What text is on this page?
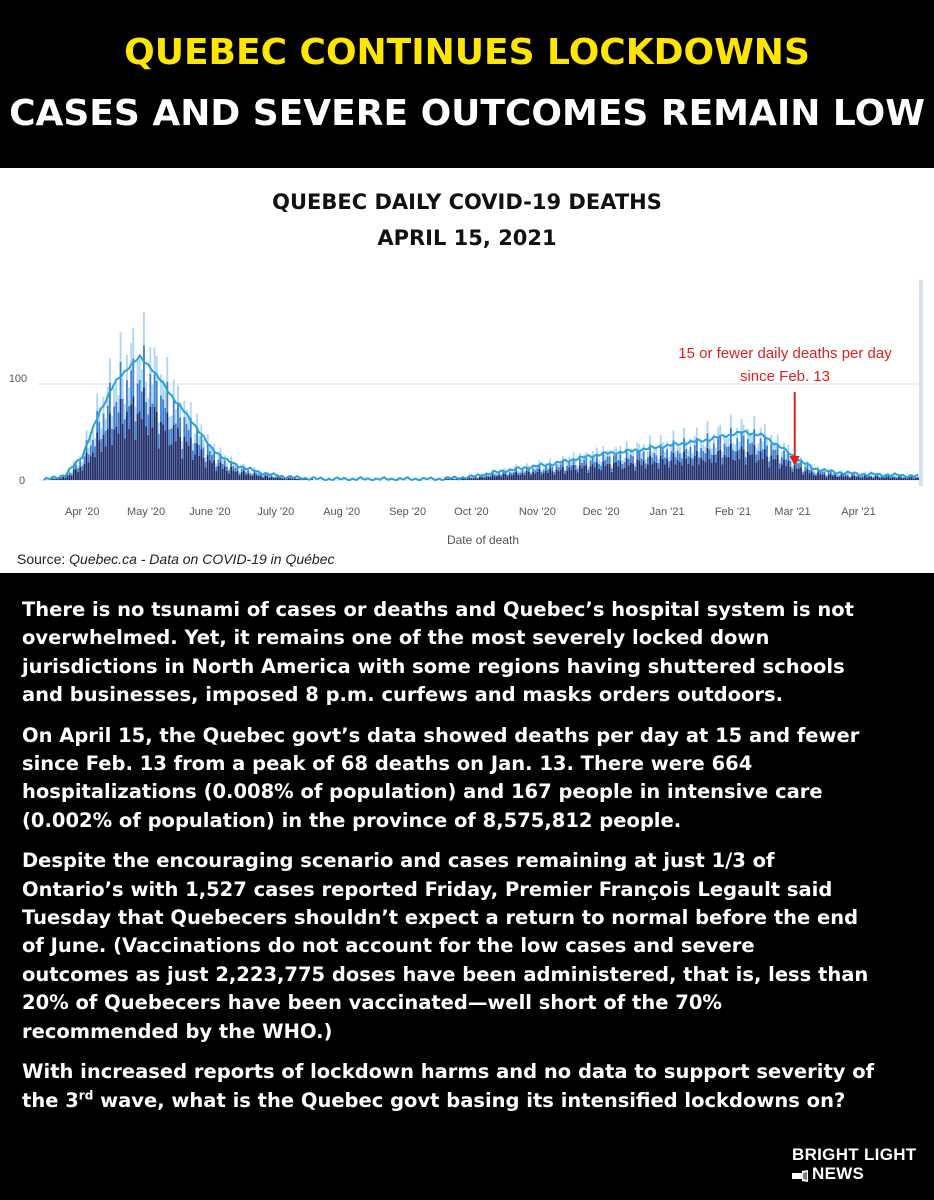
QUEBEC CONTINUES LOCKDOWNS
CASES AND SEVERE OUTCOMES REMAIN LOW
QUEBEC DAILY COVID-19 DEATHS
APRIL 15, 2021
Source: Quebec.ca - Data on COVID-19 in Québec
100
0
Apr '20 May '20 June '20 July '20	Aug '20	Sep '20	Oct '20	Nov '20 Dec '20	Jan '21	Feb '21 Mar '21	Apr '21
Date of death
15 or fewer daily deaths per day
since Feb. 13

There is no tsunami of cases or deaths and Quebec’s hospital system is not
overwhelmed. Yet, it remains one of the most severely locked down
jurisdictions in North America with some regions having shuttered schools
and businesses, imposed 8 p.m. curfews and masks orders outdoors.

On April 15, the Quebec govt’s data showed deaths per day at 15 and fewer
since Feb. 13 from a peak of 68 deaths on Jan. 13. There were 664
hospitalizations (0.008% of population) and 167 people in intensive care
(0.002% of population) in the province of 8,575,812 people.

Despite the encouraging scenario and cases remaining at just 1/3 of
Ontario’s with 1,527 cases reported Friday, Premier François Legault said
Tuesday that Quebecers shouldn’t expect a return to normal before the end
of June. (Vaccinations do not account for the low cases and severe
outcomes as just 2,223,775 doses have been administered, that is, less than
20% of Quebecers have been vaccinated—well short of the 70%
recommended by the WHO.)

With increased reports of lockdown harms and no data to support severity of
the 3rd wave, what is the Quebec govt basing its intensified lockdowns on?

BRIGHT LIGHT
NEWS
